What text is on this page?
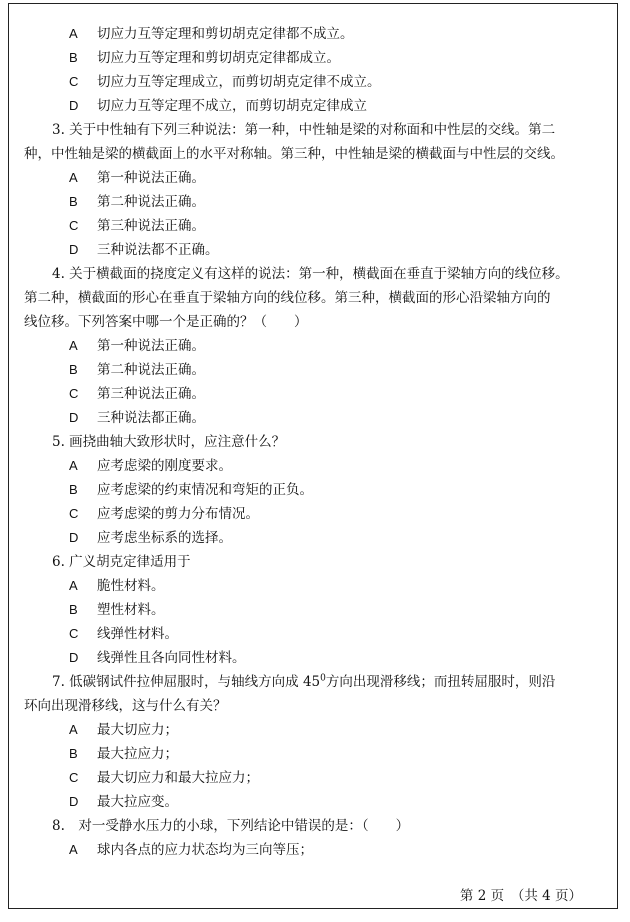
A	切应力互等定理和剪切胡克定律都不成立。
B	切应力互等定理和剪切胡克定律都成立。
C	切应力互等定理成立，而剪切胡克定律不成立。
D	切应力互等定理不成立，而剪切胡克定律成立
3. 关于中性轴有下列三种说法：第一种，中性轴是梁的对称面和中性层的交线。第二
种，中性轴是梁的横截面上的水平对称轴。第三种，中性轴是梁的横截面与中性层的交线。
A	第一种说法正确。
B	第二种说法正确。
C	第三种说法正确。
D	三种说法都不正确。
4. 关于横截面的挠度定义有这样的说法：第一种，横截面在垂直于梁轴方向的线位移。
第二种，横截面的形心在垂直于梁轴方向的线位移。第三种，横截面的形心沿梁轴方向的
线位移。下列答案中哪一个是正确的？（　　）
A	第一种说法正确。
B	第二种说法正确。
C	第三种说法正确。
D	三种说法都正确。
5. 画挠曲轴大致形状时，应注意什么？
A	应考虑梁的刚度要求。
B	应考虑梁的约束情况和弯矩的正负。
C	应考虑梁的剪力分布情况。
D	应考虑坐标系的选择。
6. 广义胡克定律适用于
A	脆性材料。
B	塑性材料。
C	线弹性材料。
D	线弹性且各向同性材料。
7. 低碳钢试件拉伸屈服时，与轴线方向成 $45^0$方向出现滑移线；而扭转屈服时，则沿
环向出现滑移线，这与什么有关？
A	最大切应力；
B	最大拉应力；
C	最大切应力和最大拉应力；
D	最大拉应变。
8.　对一受静水压力的小球，下列结论中错误的是：（　　）
A	球内各点的应力状态均为三向等压；
第 2 页　（共 4 页）
